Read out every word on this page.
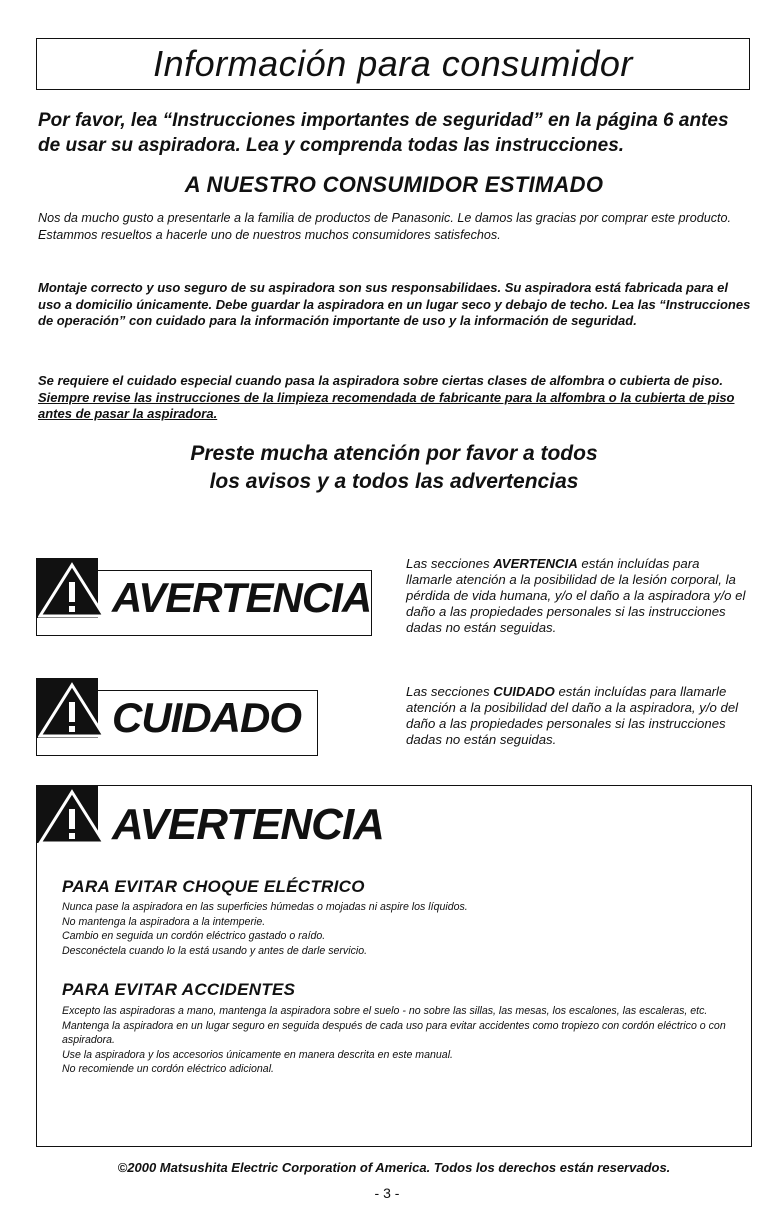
Información para consumidor
Por favor, lea “Instrucciones importantes de seguridad” en la página 6 antes de usar su aspiradora. Lea y comprenda todas las instrucciones.
A NUESTRO CONSUMIDOR ESTIMADO
Nos da mucho gusto a presentarle a la familia de productos de Panasonic. Le damos las gracias por comprar este producto. Estammos resueltos a hacerle uno de nuestros muchos consumidores satisfechos.
Montaje correcto y uso seguro de su aspiradora son sus responsabilidaes. Su aspiradora está fabricada para el uso a domicilio únicamente. Debe guardar la aspiradora en un lugar seco y debajo de techo. Lea las “Instrucciones de operación” con cuidado para la información importante de uso y la información de seguridad.
Se requiere el cuidado especial cuando pasa la aspiradora sobre ciertas clases de alfombra o cubierta de piso. Siempre revise las instrucciones de la limpieza recomendada de fabricante para la alfombra o la cubierta de piso antes de pasar la aspiradora.
Preste mucha atención por favor a todos
los avisos y a todos las advertencias
AVERTENCIA
Las secciones AVERTENCIA están incluídas para llamarle atención a la posibilidad de la lesión corporal, la pérdida de vida humana, y/o el daño a la aspiradora y/o el daño a las propiedades personales si las instrucciones dadas no están seguidas.
CUIDADO
Las secciones CUIDADO están incluídas para llamarle atención a la posibilidad del daño a la aspiradora, y/o del daño a las propiedades personales si las instrucciones dadas no están seguidas.
AVERTENCIA
PARA EVITAR CHOQUE ELÉCTRICO
Nunca pase la aspiradora en las superficies húmedas o mojadas ni aspire los líquidos.
No mantenga la aspiradora a la intemperie.
Cambio en seguida un cordón eléctrico gastado o raído.
Desconéctela cuando lo la está usando y antes de darle servicio.
PARA EVITAR ACCIDENTES
Excepto las aspiradoras a mano, mantenga la aspiradora sobre el suelo - no sobre las sillas, las mesas, los escalones, las escaleras, etc.
Mantenga la aspiradora en un lugar seguro en seguida después de cada uso para evitar accidentes como tropiezo con cordón eléctrico o con aspiradora.
Use la aspiradora y los accesorios únicamente en manera descrita en este manual.
No recomiende un cordón eléctrico adicional.
©2000 Matsushita Electric Corporation of America. Todos los derechos están reservados.
- 3 -
